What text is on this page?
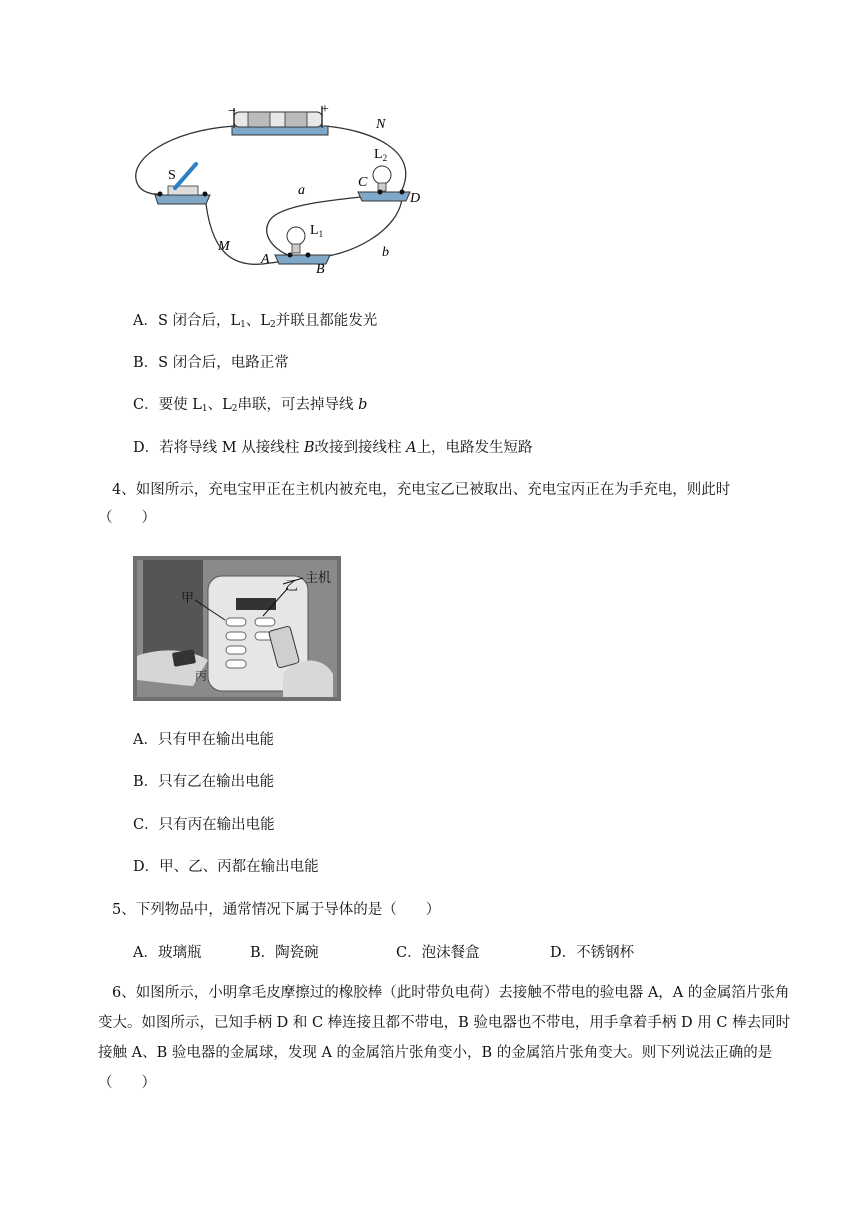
−	+
S
N
M
a
b
A
B
C
D
$L_2$
$L_1$
A．S 闭合后，$L_1$、$L_2$并联且都能发光
B．S 闭合后，电路正常
C．要使 $L_1$、$L_2$串联，可去掉导线 b
D．若将导线 M 从接线柱 B改接到接线柱 A上，电路发生短路
4、如图所示，充电宝甲正在主机内被充电，充电宝乙已被取出、充电宝丙正在为手充电，则此时
（　　）
主机
甲
乙
丙
A．只有甲在输出电能
B．只有乙在输出电能
C．只有丙在输出电能
D．甲、乙、丙都在输出电能
5、下列物品中，通常情况下属于导体的是（　　）
A．玻璃瓶	B．陶瓷碗	C．泡沫餐盒	D．不锈钢杯
6、如图所示，小明拿毛皮摩擦过的橡胶棒（此时带负电荷）去接触不带电的验电器 A，A 的金属箔片张角变大。如图所示，已知手柄 D 和 C 棒连接且都不带电，B 验电器也不带电，用手拿着手柄 D 用 C 棒去同时接触 A、B 验电器的金属球，发现 A 的金属箔片张角变小，B 的金属箔片张角变大。则下列说法正确的是（　　）
